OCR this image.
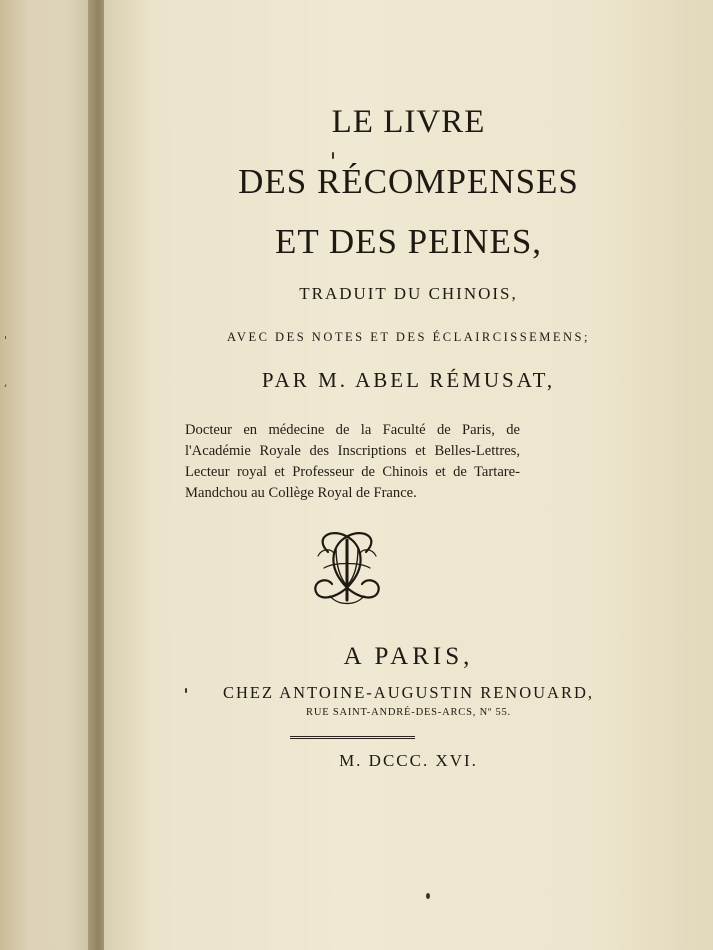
'
,
LE LIVRE
DES RÉCOMPENSES
ET DES PEINES,
TRADUIT DU CHINOIS,
AVEC DES NOTES ET DES ÉCLAIRCISSEMENS;
PAR M. ABEL RÉMUSAT,
Docteur en médecine de la Faculté de Paris, de l'Académie Royale des Inscriptions et Belles-Lettres, Lecteur royal et Professeur de Chinois et de Tartare-Mandchou au Collège Royal de France.
A PARIS,
CHEZ ANTOINE-AUGUSTIN RENOUARD,
RUE SAINT-ANDRÉ-DES-ARCS, Nº 55.
M. DCCC. XVI.
